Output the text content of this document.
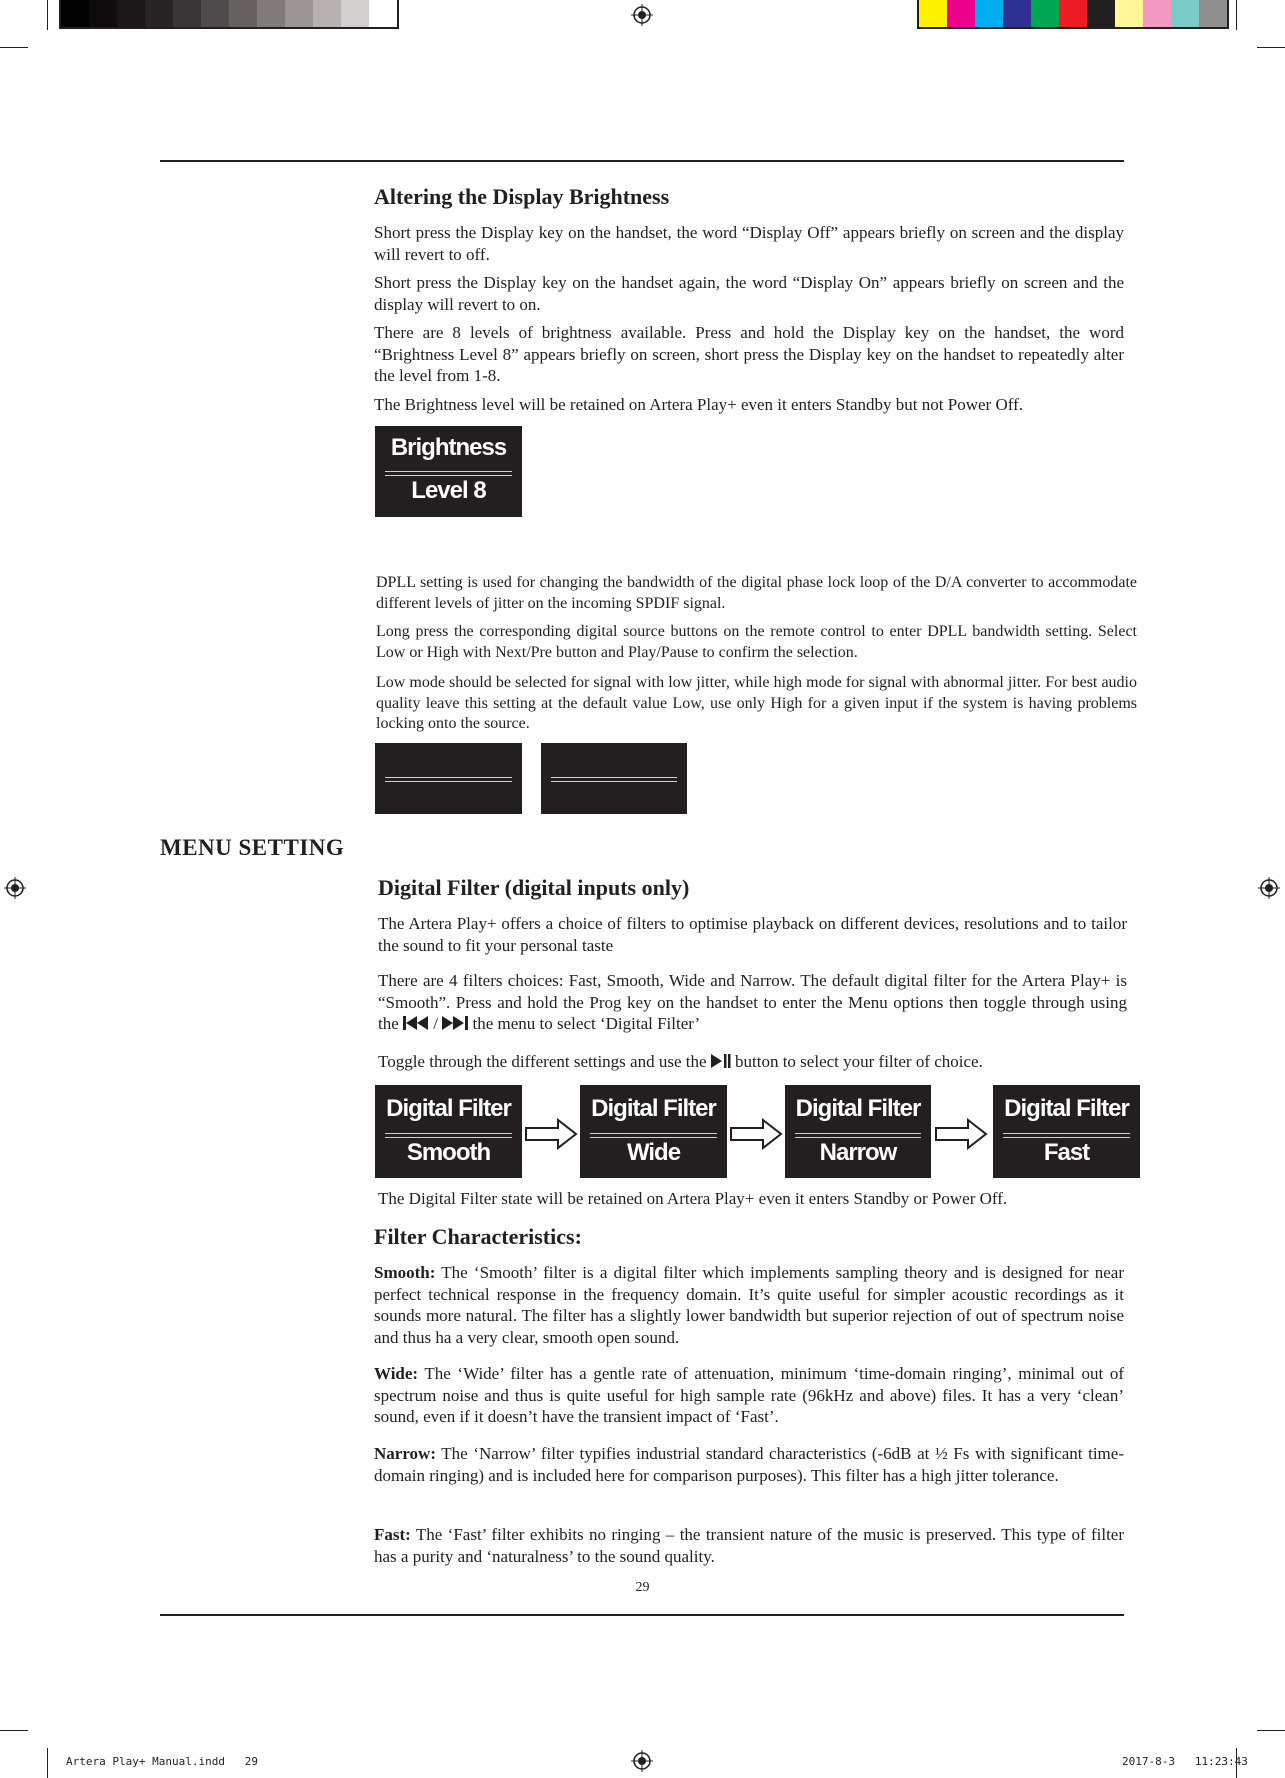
Altering the Display Brightness
Short press the Display key on the handset, the word “Display Off” appears briefly on screen and the display will revert to off.
Short press the Display key on the handset again, the word “Display On” appears briefly on screen and the display will revert to on.
There are 8 levels of brightness available. Press and hold the Display key on the handset, the word “Brightness Level 8” appears briefly on screen, short press the Display key on the handset to repeatedly alter the level from 1-8.
The Brightness level will be retained on Artera Play+ even it enters Standby but not Power Off.
Brightness
Level 8
DPLL setting is used for changing the bandwidth of the digital phase lock loop of the D/A converter to accommodate different levels of jitter on the incoming SPDIF signal.
Long press the corresponding digital source buttons on the remote control to enter DPLL bandwidth setting. Select Low or High with Next/Pre button and Play/Pause to confirm the selection.
Low mode should be selected for signal with low jitter, while high mode for signal with abnormal jitter. For best audio quality leave this setting at the default value Low, use only High for a given input if the system is having problems locking onto the source.
MENU SETTING
Digital Filter (digital inputs only)
The Artera Play+ offers a choice of filters to optimise playback on different devices, resolutions and to tailor the sound to fit your personal taste
There are 4 filters choices: Fast, Smooth, Wide and Narrow. The default digital filter for the Artera Play+ is “Smooth”. Press and hold the Prog key on the handset to enter the Menu options then toggle through using the / the menu to select ‘Digital Filter’
Toggle through the different settings and use the button to select your filter of choice.
Digital Filter
Smooth
Digital Filter
Wide
Digital Filter
Narrow
Digital Filter
Fast
The Digital Filter state will be retained on Artera Play+ even it enters Standby or Power Off.
Filter Characteristics:
Smooth: The ‘Smooth’ filter is a digital filter which implements sampling theory and is designed for near perfect technical response in the frequency domain. It’s quite useful for simpler acoustic recordings as it sounds more natural. The filter has a slightly lower bandwidth but superior rejection of out of spectrum noise and thus ha a very clear, smooth open sound.
Wide: The ‘Wide’ filter has a gentle rate of attenuation, minimum ‘time-domain ringing’, minimal out of spectrum noise and thus is quite useful for high sample rate (96kHz and above) files. It has a very ‘clean’ sound, even if it doesn’t have the transient impact of ‘Fast’.
Narrow: The ‘Narrow’ filter typifies industrial standard characteristics (-6dB at ½ Fs with significant time-domain ringing) and is included here for comparison purposes). This filter has a high jitter tolerance.
Fast: The ‘Fast’ filter exhibits no ringing – the transient nature of the music is preserved. This type of filter has a purity and ‘naturalness’ to the sound quality.
29
Artera Play+ Manual.indd   29	2017-8-3   11:23:43
